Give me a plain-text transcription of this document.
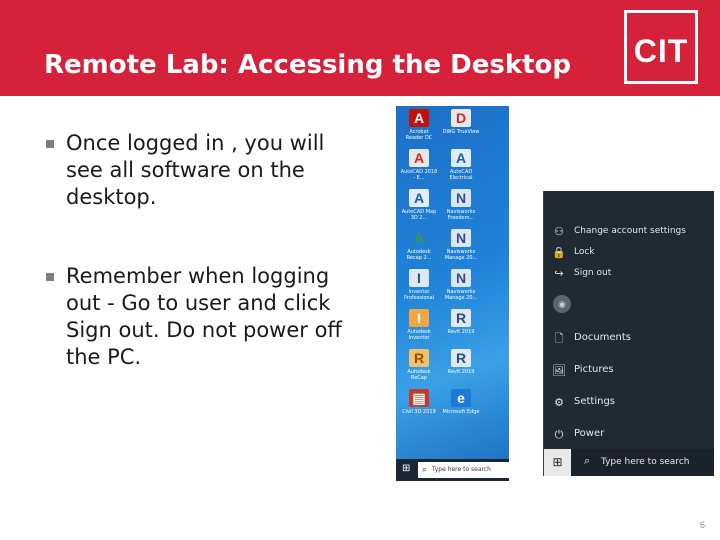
Remote Lab: Accessing the Desktop CIT
Once logged in , you will see all software on the desktop.
Remember when logging out - Go to user and click Sign out. Do not power off the PC.
A
Acrobat Reader DC
D
DWG TrueView
A
AutoCAD 2018 - E...
A
AutoCAD Electrical
A
AutoCAD Map 3D 2...
N
Navisworks Freedom...
A
Autodesk Recap 2...
N
Navisworks Manage 20...
I
Inventor Professional
N
Navisworks Manage 20...
I
Autodesk Inventor
R
Revit 2019
R
Autodesk ReCap
R
Revit 2019
▤
Civil 3D 2019
e
Microsoft Edge
⊞ ⌕ Type here to search
⚇ Change account settings
🔒 Lock
↪ Sign out
◉
🗋 Documents
🖼 Pictures
⚙ Settings
⏻ Power
⊞	⌕ Type here to search
6
